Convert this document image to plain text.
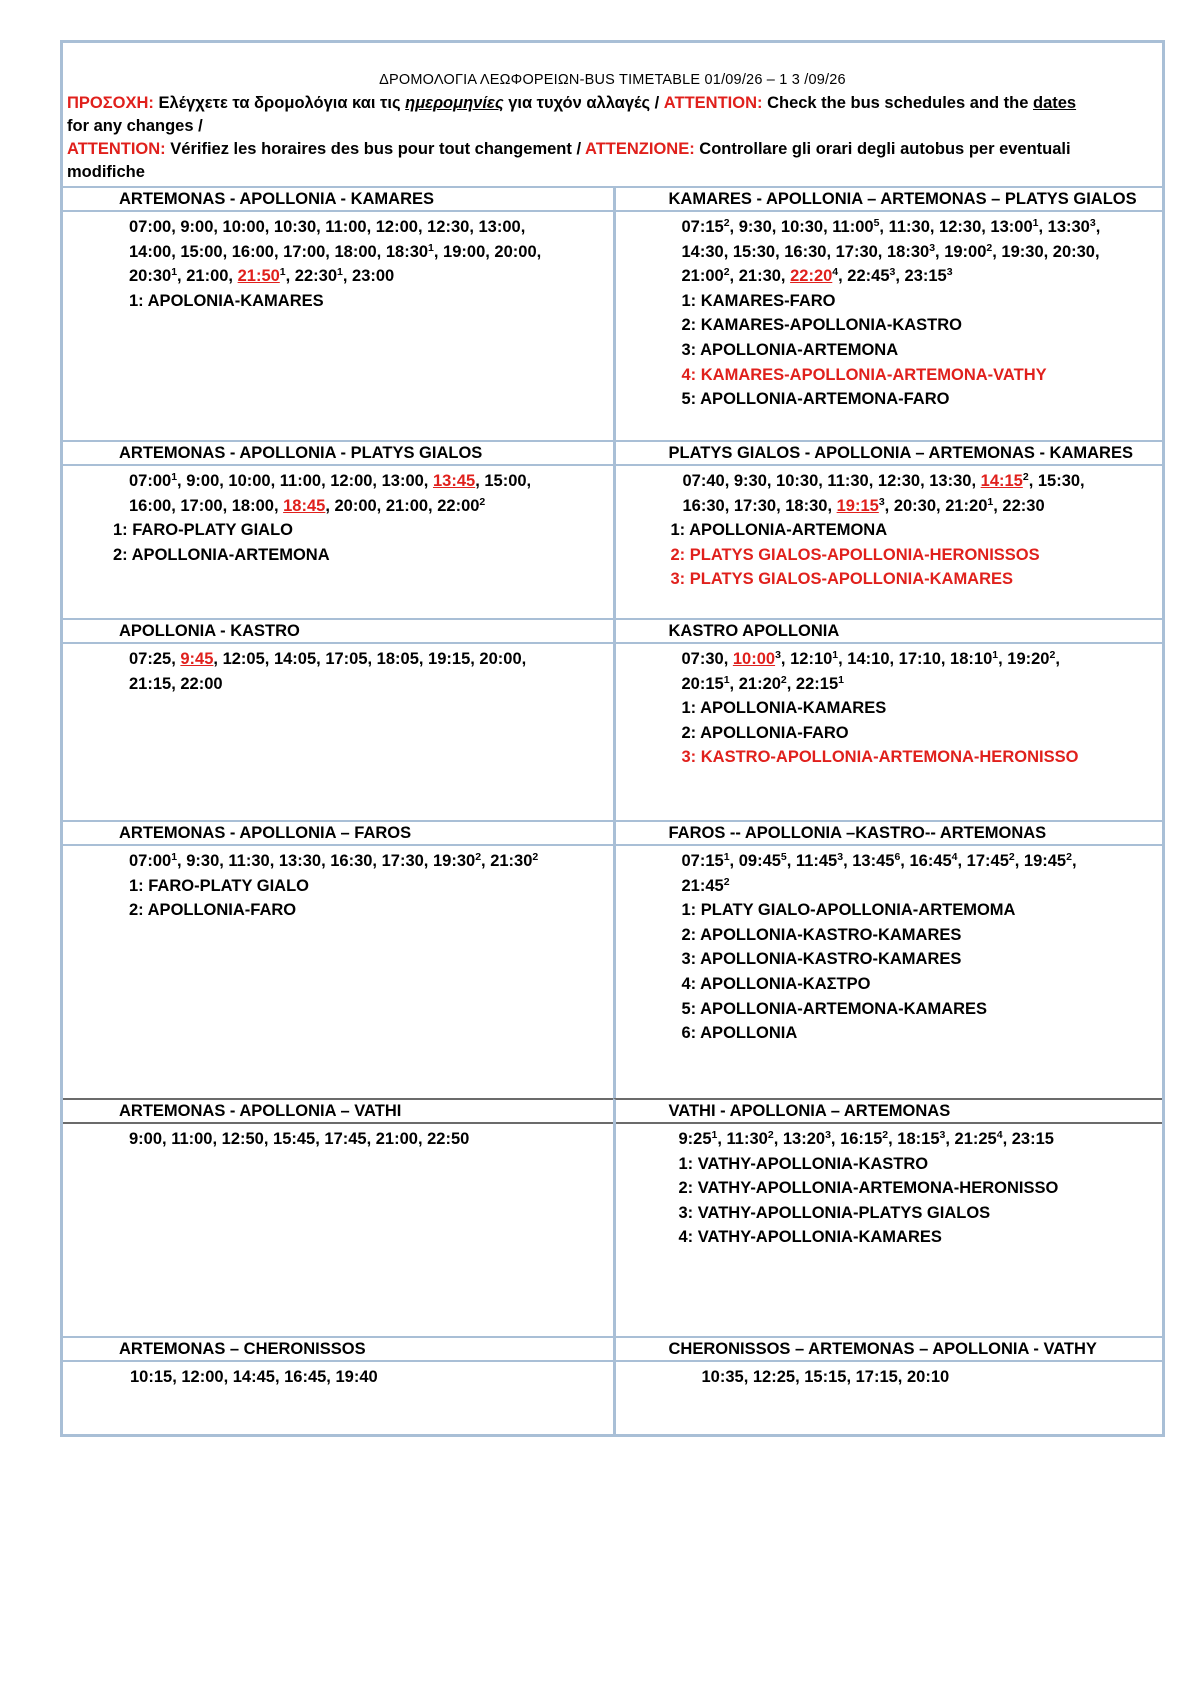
ΔΡΟΜΟΛΟΓΙΑ ΛΕΩΦΟΡΕΙΩΝ-BUS TIMETABLE 01/09/26 – 1 3 /09/26
ΠΡΟΣΟΧΗ: Ελέγχετε τα δρομολόγια και τις ημερομηνίες για τυχόν αλλαγές / ATTENTION: Check the bus schedules and the dates
for any changes /
ATTENTION: Vérifiez les horaires des bus pour tout changement / ATTENZIONE: Controllare gli orari degli autobus per eventuali
modifiche
ARTEMONAS - APOLLONIA - KAMARES
07:00, 9:00, 10:00, 10:30, 11:00, 12:00, 12:30, 13:00,
14:00, 15:00, 16:00, 17:00, 18:00, $18:30^1$, 19:00, 20:00,
$20:30^1$, 21:00, $21:50^1$, $22:30^1$, 23:00
1: APOLONIA-KAMARES
KAMARES - APOLLONIA – ARTEMONAS – PLATYS GIALOS
$07:15^2$, 9:30, 10:30, $11:00^5$, 11:30, 12:30, $13:00^1$, $13:30^3$,
14:30, 15:30, 16:30, 17:30, $18:30^3$, $19:00^2$, 19:30, 20:30,
$21:00^2$, 21:30, $22:20^4$, $22:45^3$, $23:15^3$
1: KAMARES-FARO
2: KAMARES-APOLLONIA-KASTRO
3: APOLLONIA-ARTEMONA
4: KAMARES-APOLLONIA-ARTEMONA-VATHY
5: APOLLONIA-ARTEMONA-FARO
ARTEMONAS - APOLLONIA - PLATYS GIALOS
$07:00^1$, 9:00, 10:00, 11:00, 12:00, 13:00, 13:45, 15:00,
16:00, 17:00, 18:00, 18:45, 20:00, 21:00, $22:00^2$
1: FARO-PLATY GIALO
2: APOLLONIA-ARTEMONA
PLATYS GIALOS - APOLLONIA – ARTEMONAS - KAMARES
07:40, 9:30, 10:30, 11:30, 12:30, 13:30, $14:15^2$, 15:30,
16:30, 17:30, 18:30, $19:15^3$, 20:30, $21:20^1$, 22:30
1: APOLLONIA-ARTEMONA
2: PLATYS GIALOS-APOLLONIA-HERONISSOS
3: PLATYS GIALOS-APOLLONIA-KAMARES
APOLLONIA - KASTRO
07:25, 9:45, 12:05, 14:05, 17:05, 18:05, 19:15, 20:00,
21:15, 22:00
KASTRO APOLLONIA
07:30, $10:00^3$, $12:10^1$, 14:10, 17:10, $18:10^1$, $19:20^2$,
$20:15^1$, $21:20^2$, $22:15^1$
1: APOLLONIA-KAMARES
2: APOLLONIA-FARO
3: KASTRO-APOLLONIA-ARTEMONA-HERONISSO
ARTEMONAS - APOLLONIA – FAROS
$07:00^1$, 9:30, 11:30, 13:30, 16:30, 17:30, $19:30^2$, $21:30^2$
1: FARO-PLATY GIALO
2: APOLLONIA-FARO
FAROS -- APOLLONIA –KASTRO-- ARTEMONAS
$07:15^1$, $09:45^5$, $11:45^3$, $13:45^6$, $16:45^4$, $17:45^2$, $19:45^2$,
$21:45^2$
1: PLATY GIALO-APOLLONIA-ARTEMOMA
2: APOLLONIA-KASTRO-KAMARES
3: APOLLONIA-KASTRO-KAMARES
4: APOLLONIA-ΚΑΣΤΡΟ
5: APOLLONIA-ARTEMONA-KAMARES
6: APOLLONIA
ARTEMONAS - APOLLONIA – VATHI
9:00, 11:00, 12:50, 15:45, 17:45, 21:00, 22:50
VATHI - APOLLONIA – ARTEMONAS
$9:25^1$, $11:30^2$, $13:20^3$, $16:15^2$, $18:15^3$, $21:25^4$, 23:15
1: VATHY-APOLLONIA-KASTRO
2: VATHY-APOLLONIA-ARTEMONA-HERONISSO
3: VATHY-APOLLONIA-PLATYS GIALOS
4: VATHY-APOLLONIA-KAMARES
ARTEMONAS – CHERONISSOS
10:15, 12:00, 14:45, 16:45, 19:40
CHERONISSOS – ARTEMONAS – APOLLONIA - VATHY
10:35, 12:25, 15:15, 17:15, 20:10
